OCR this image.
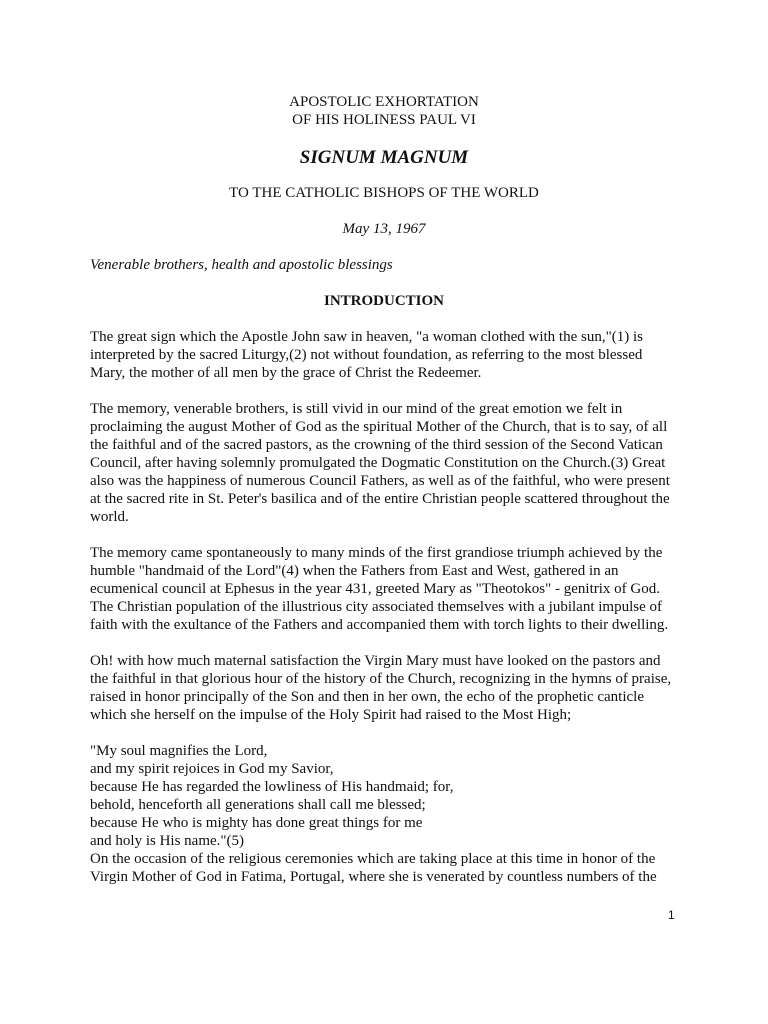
APOSTOLIC EXHORTATION
OF HIS HOLINESS PAUL VI
SIGNUM MAGNUM
TO THE CATHOLIC BISHOPS OF THE WORLD
May 13, 1967
Venerable brothers, health and apostolic blessings
INTRODUCTION
The great sign which the Apostle John saw in heaven, "a woman clothed with the sun,"(1) is
interpreted by the sacred Liturgy,(2) not without foundation, as referring to the most blessed
Mary, the mother of all men by the grace of Christ the Redeemer.
The memory, venerable brothers, is still vivid in our mind of the great emotion we felt in
proclaiming the august Mother of God as the spiritual Mother of the Church, that is to say, of all
the faithful and of the sacred pastors, as the crowning of the third session of the Second Vatican
Council, after having solemnly promulgated the Dogmatic Constitution on the Church.(3) Great
also was the happiness of numerous Council Fathers, as well as of the faithful, who were present
at the sacred rite in St. Peter's basilica and of the entire Christian people scattered throughout the
world.
The memory came spontaneously to many minds of the first grandiose triumph achieved by the
humble "handmaid of the Lord"(4) when the Fathers from East and West, gathered in an
ecumenical council at Ephesus in the year 431, greeted Mary as "Theotokos" - genitrix of God.
The Christian population of the illustrious city associated themselves with a jubilant impulse of
faith with the exultance of the Fathers and accompanied them with torch lights to their dwelling.
Oh! with how much maternal satisfaction the Virgin Mary must have looked on the pastors and
the faithful in that glorious hour of the history of the Church, recognizing in the hymns of praise,
raised in honor principally of the Son and then in her own, the echo of the prophetic canticle
which she herself on the impulse of the Holy Spirit had raised to the Most High;
"My soul magnifies the Lord,
and my spirit rejoices in God my Savior,
because He has regarded the lowliness of His handmaid; for,
behold, henceforth all generations shall call me blessed;
because He who is mighty has done great things for me
and holy is His name."(5)
On the occasion of the religious ceremonies which are taking place at this time in honor of the
Virgin Mother of God in Fatima, Portugal, where she is venerated by countless numbers of the
1
